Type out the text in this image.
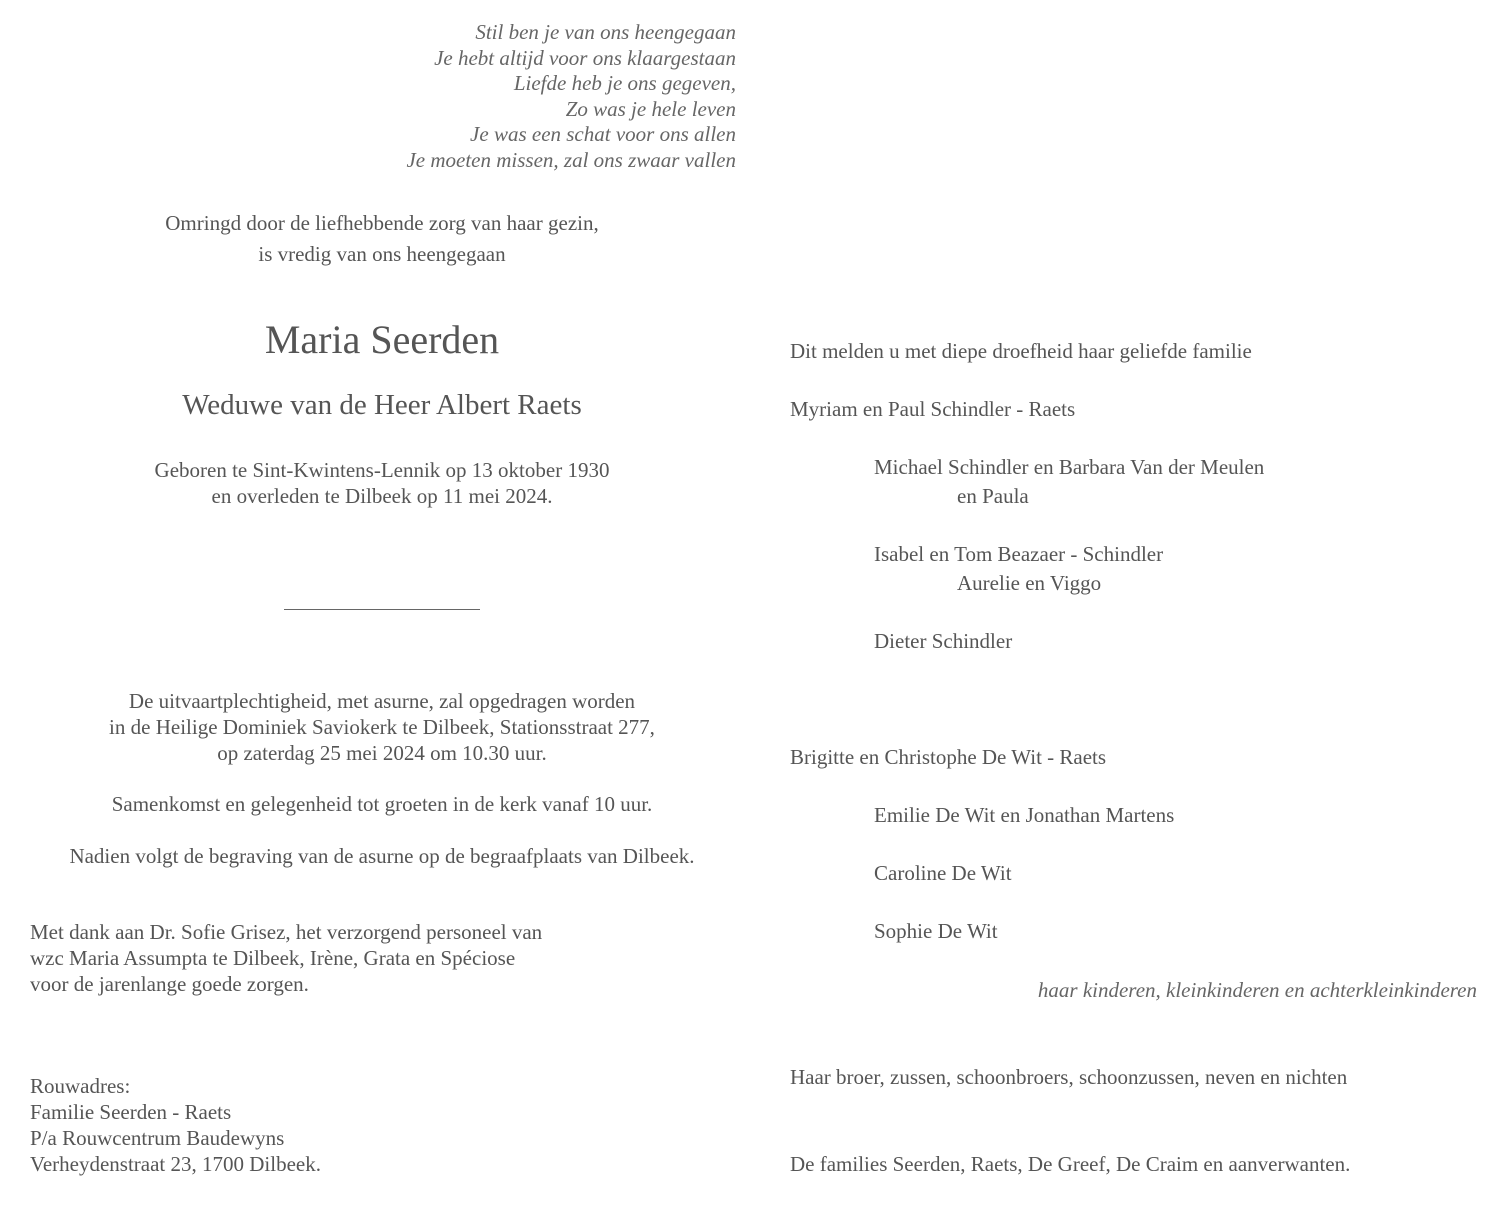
Stil ben je van ons heengegaan
Je hebt altijd voor ons klaargestaan
Liefde heb je ons gegeven,
Zo was je hele leven
Je was een schat voor ons allen
Je moeten missen, zal ons zwaar vallen
Omringd door de liefhebbende zorg van haar gezin,
is vredig van ons heengegaan
Maria Seerden
Weduwe van de Heer Albert Raets
Geboren te Sint-Kwintens-Lennik op 13 oktober 1930
en overleden te Dilbeek op 11 mei 2024.
De uitvaartplechtigheid, met asurne, zal opgedragen worden
in de Heilige Dominiek Saviokerk te Dilbeek, Stationsstraat 277,
op zaterdag 25 mei 2024 om 10.30 uur.
Samenkomst en gelegenheid tot groeten in de kerk vanaf 10 uur.
Nadien volgt de begraving van de asurne op de begraafplaats van Dilbeek.
Met dank aan Dr. Sofie Grisez, het verzorgend personeel van
wzc Maria Assumpta te Dilbeek, Irène, Grata en Spéciose
voor de jarenlange goede zorgen.
Rouwadres:
Familie Seerden - Raets
P/a Rouwcentrum Baudewyns
Verheydenstraat 23, 1700 Dilbeek.
Dit melden u met diepe droefheid haar geliefde familie
Myriam en Paul Schindler - Raets
Michael Schindler en Barbara Van der Meulen
en Paula
Isabel en Tom Beazaer - Schindler
Aurelie en Viggo
Dieter Schindler
Brigitte en Christophe De Wit - Raets
Emilie De Wit en Jonathan Martens
Caroline De Wit
Sophie De Wit
haar kinderen, kleinkinderen en achterkleinkinderen
Haar broer, zussen, schoonbroers, schoonzussen, neven en nichten
De families Seerden, Raets, De Greef, De Craim en aanverwanten.
